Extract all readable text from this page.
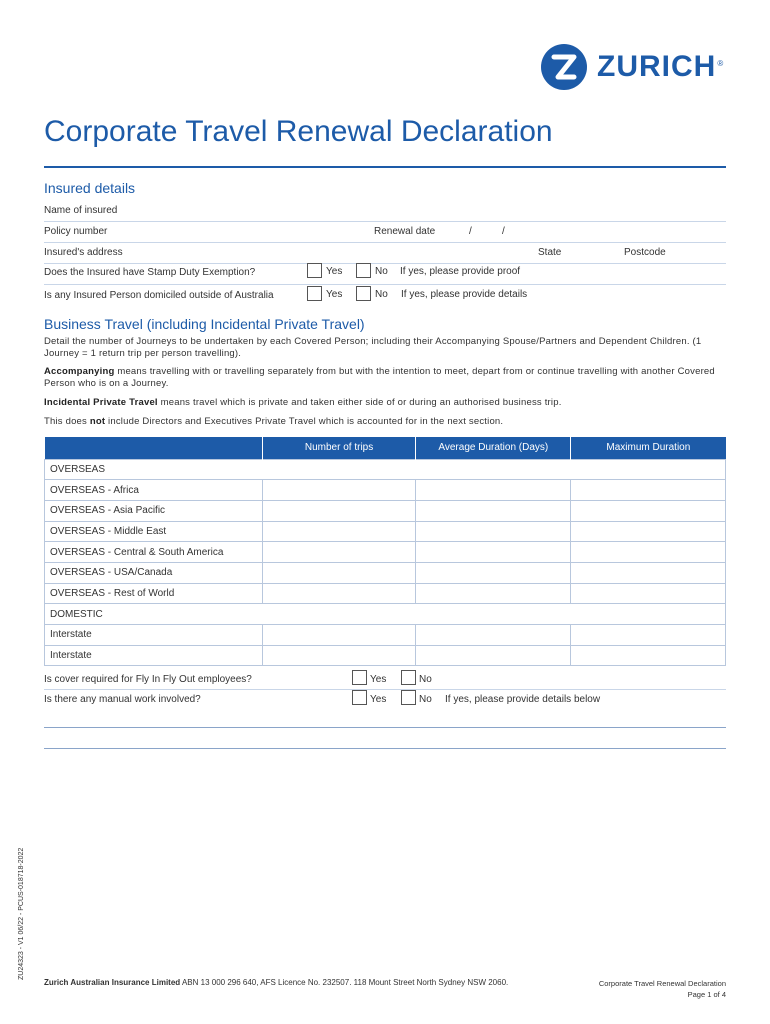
ZURICH ®
Corporate Travel Renewal Declaration
Insured details
Name of insured
Policy number	Renewal date	/	/
Insured's address	State	Postcode
Does the Insured have Stamp Duty Exemption?	Yes	No If yes, please provide proof
Is any Insured Person domiciled outside of Australia	Yes	No If yes, please provide details
Business Travel (including Incidental Private Travel)
Detail the number of Journeys to be undertaken by each Covered Person; including their Accompanying Spouse/Partners and Dependent Children. (1 Journey = 1 return trip per person travelling).
Accompanying means travelling with or travelling separately from but with the intention to meet, depart from or continue travelling with another Covered Person who is on a Journey.
Incidental Private Travel means travel which is private and taken either side of or during an authorised business trip.
This does not include Directors and Executives Private Travel which is accounted for in the next section.
	Number of trips	Average Duration (Days)	Maximum Duration
OVERSEAS			
OVERSEAS - Africa			
OVERSEAS - Asia Pacific			
OVERSEAS - Middle East			
OVERSEAS - Central & South America			
OVERSEAS - USA/Canada			
OVERSEAS - Rest of World			
DOMESTIC			
Interstate			
Interstate			
Is cover required for Fly In Fly Out employees?	Yes	No
Is there any manual work involved?	Yes	No If yes, please provide details below
ZU24323 - V1 06/22 - PCUS-018718-2022
Zurich Australian Insurance Limited ABN 13 000 296 640, AFS Licence No. 232507. 118 Mount Street North Sydney NSW 2060.	Corporate Travel Renewal Declaration
Page 1 of 4
